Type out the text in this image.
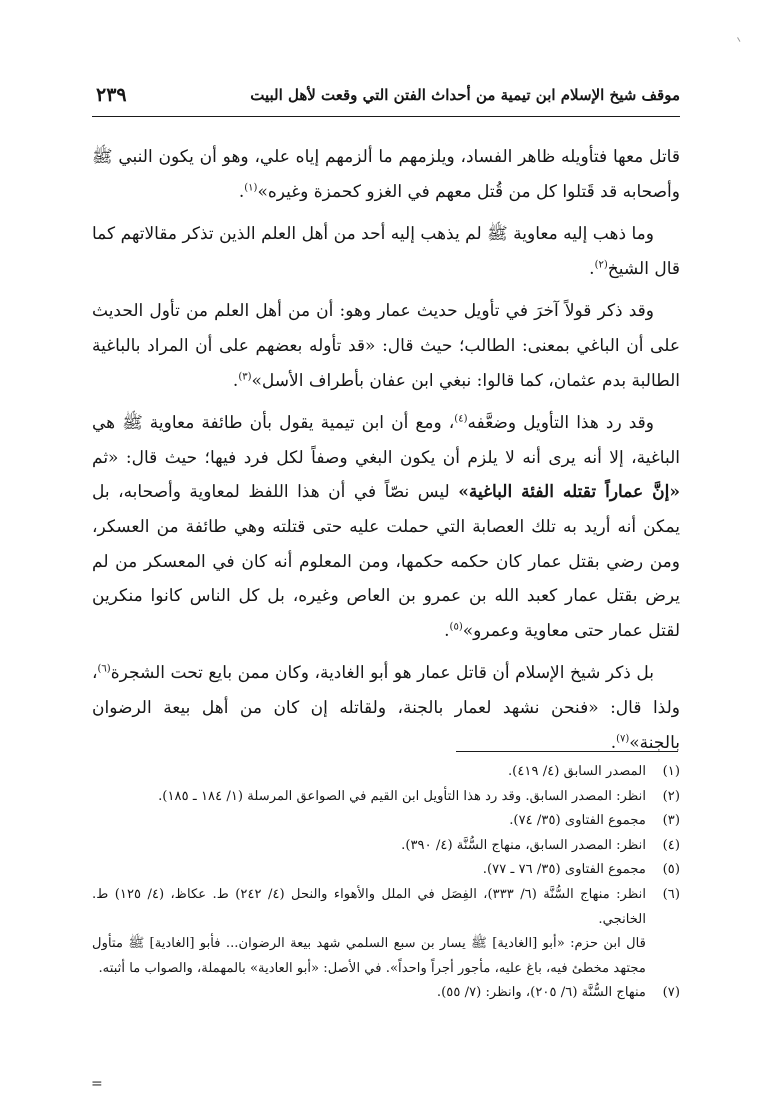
موقف شيخ الإسلام ابن تيمية من أحداث الفتن التي وقعت لأهل البيت
٢٣٩

قاتل معها فتأويله ظاهر الفساد، ويلزمهم ما ألزمهم إياه علي، وهو أن يكون النبي ﷺ وأصحابه قد قَتلوا كل من قُتل معهم في الغزو كحمزة وغيره»$^{(١)}$.

وما ذهب إليه معاوية ﷺ لم يذهب إليه أحد من أهل العلم الذين تذكر مقالاتهم كما قال الشيخ$^{(٢)}$.

وقد ذكر قولاً آخرَ في تأويل حديث عمار وهو: أن من أهل العلم من تأول الحديث على أن الباغي بمعنى: الطالب؛ حيث قال: «قد تأوله بعضهم على أن المراد بالباغية الطالبة بدم عثمان، كما قالوا: نبغي ابن عفان بأطراف الأسل»$^{(٣)}$.

وقد رد هذا التأويل وضعَّفه$^{(٤)}$، ومع أن ابن تيمية يقول بأن طائفة معاوية ﷺ هي الباغية، إلا أنه يرى أنه لا يلزم أن يكون البغي وصفاً لكل فرد فيها؛ حيث قال: «ثم «إنَّ عماراً تقتله الفئة الباغية» ليس نصّاً في أن هذا اللفظ لمعاوية وأصحابه، بل يمكن أنه أريد به تلك العصابة التي حملت عليه حتى قتلته وهي طائفة من العسكر، ومن رضي بقتل عمار كان حكمه حكمها، ومن المعلوم أنه كان في المعسكر من لم يرض بقتل عمار كعبد الله بن عمرو بن العاص وغيره، بل كل الناس كانوا منكرين لقتل عمار حتى معاوية وعمرو»$^{(٥)}$.

بل ذكر شيخ الإسلام أن قاتل عمار هو أبو الغادية، وكان ممن بايع تحت الشجرة$^{(٦)}$، ولذا قال: «فنحن نشهد لعمار بالجنة، ولقاتله إن كان من أهل بيعة الرضوان بالجنة»$^{(٧)}$.

(١)
المصدر السابق (٤/ ٤١٩).
(٢)
انظر: المصدر السابق. وقد رد هذا التأويل ابن القيم في الصواعق المرسلة (١/ ١٨٤ ـ ١٨٥).
(٣)
مجموع الفتاوى (٣٥/ ٧٤).
(٤)
انظر: المصدر السابق، منهاج السُّنَّة (٤/ ٣٩٠).
(٥)
مجموع الفتاوى (٣٥/ ٧٦ ـ ٧٧).
(٦)
انظر: منهاج السُّنَّة (٦/ ٣٣٣)، الفِصَل في الملل والأهواء والنحل (٤/ ٢٤٢) ط. عكاظ، (٤/ ١٢٥) ط. الخانجي.
قال ابن حزم: «أبو [الغادية] ﷺ يسار بن سبع السلمي شهد بيعة الرضوان... فأبو [الغادية] ﷺ متأول مجتهد مخطئ فيه، باغ عليه، مأجور أجراً واحداً». في الأصل: «أبو العادية» بالمهملة، والصواب ما أثبته.
(٧)
منهاج السُّنَّة (٦/ ٢٠٥)، وانظر: (٧/ ٥٥).
=
